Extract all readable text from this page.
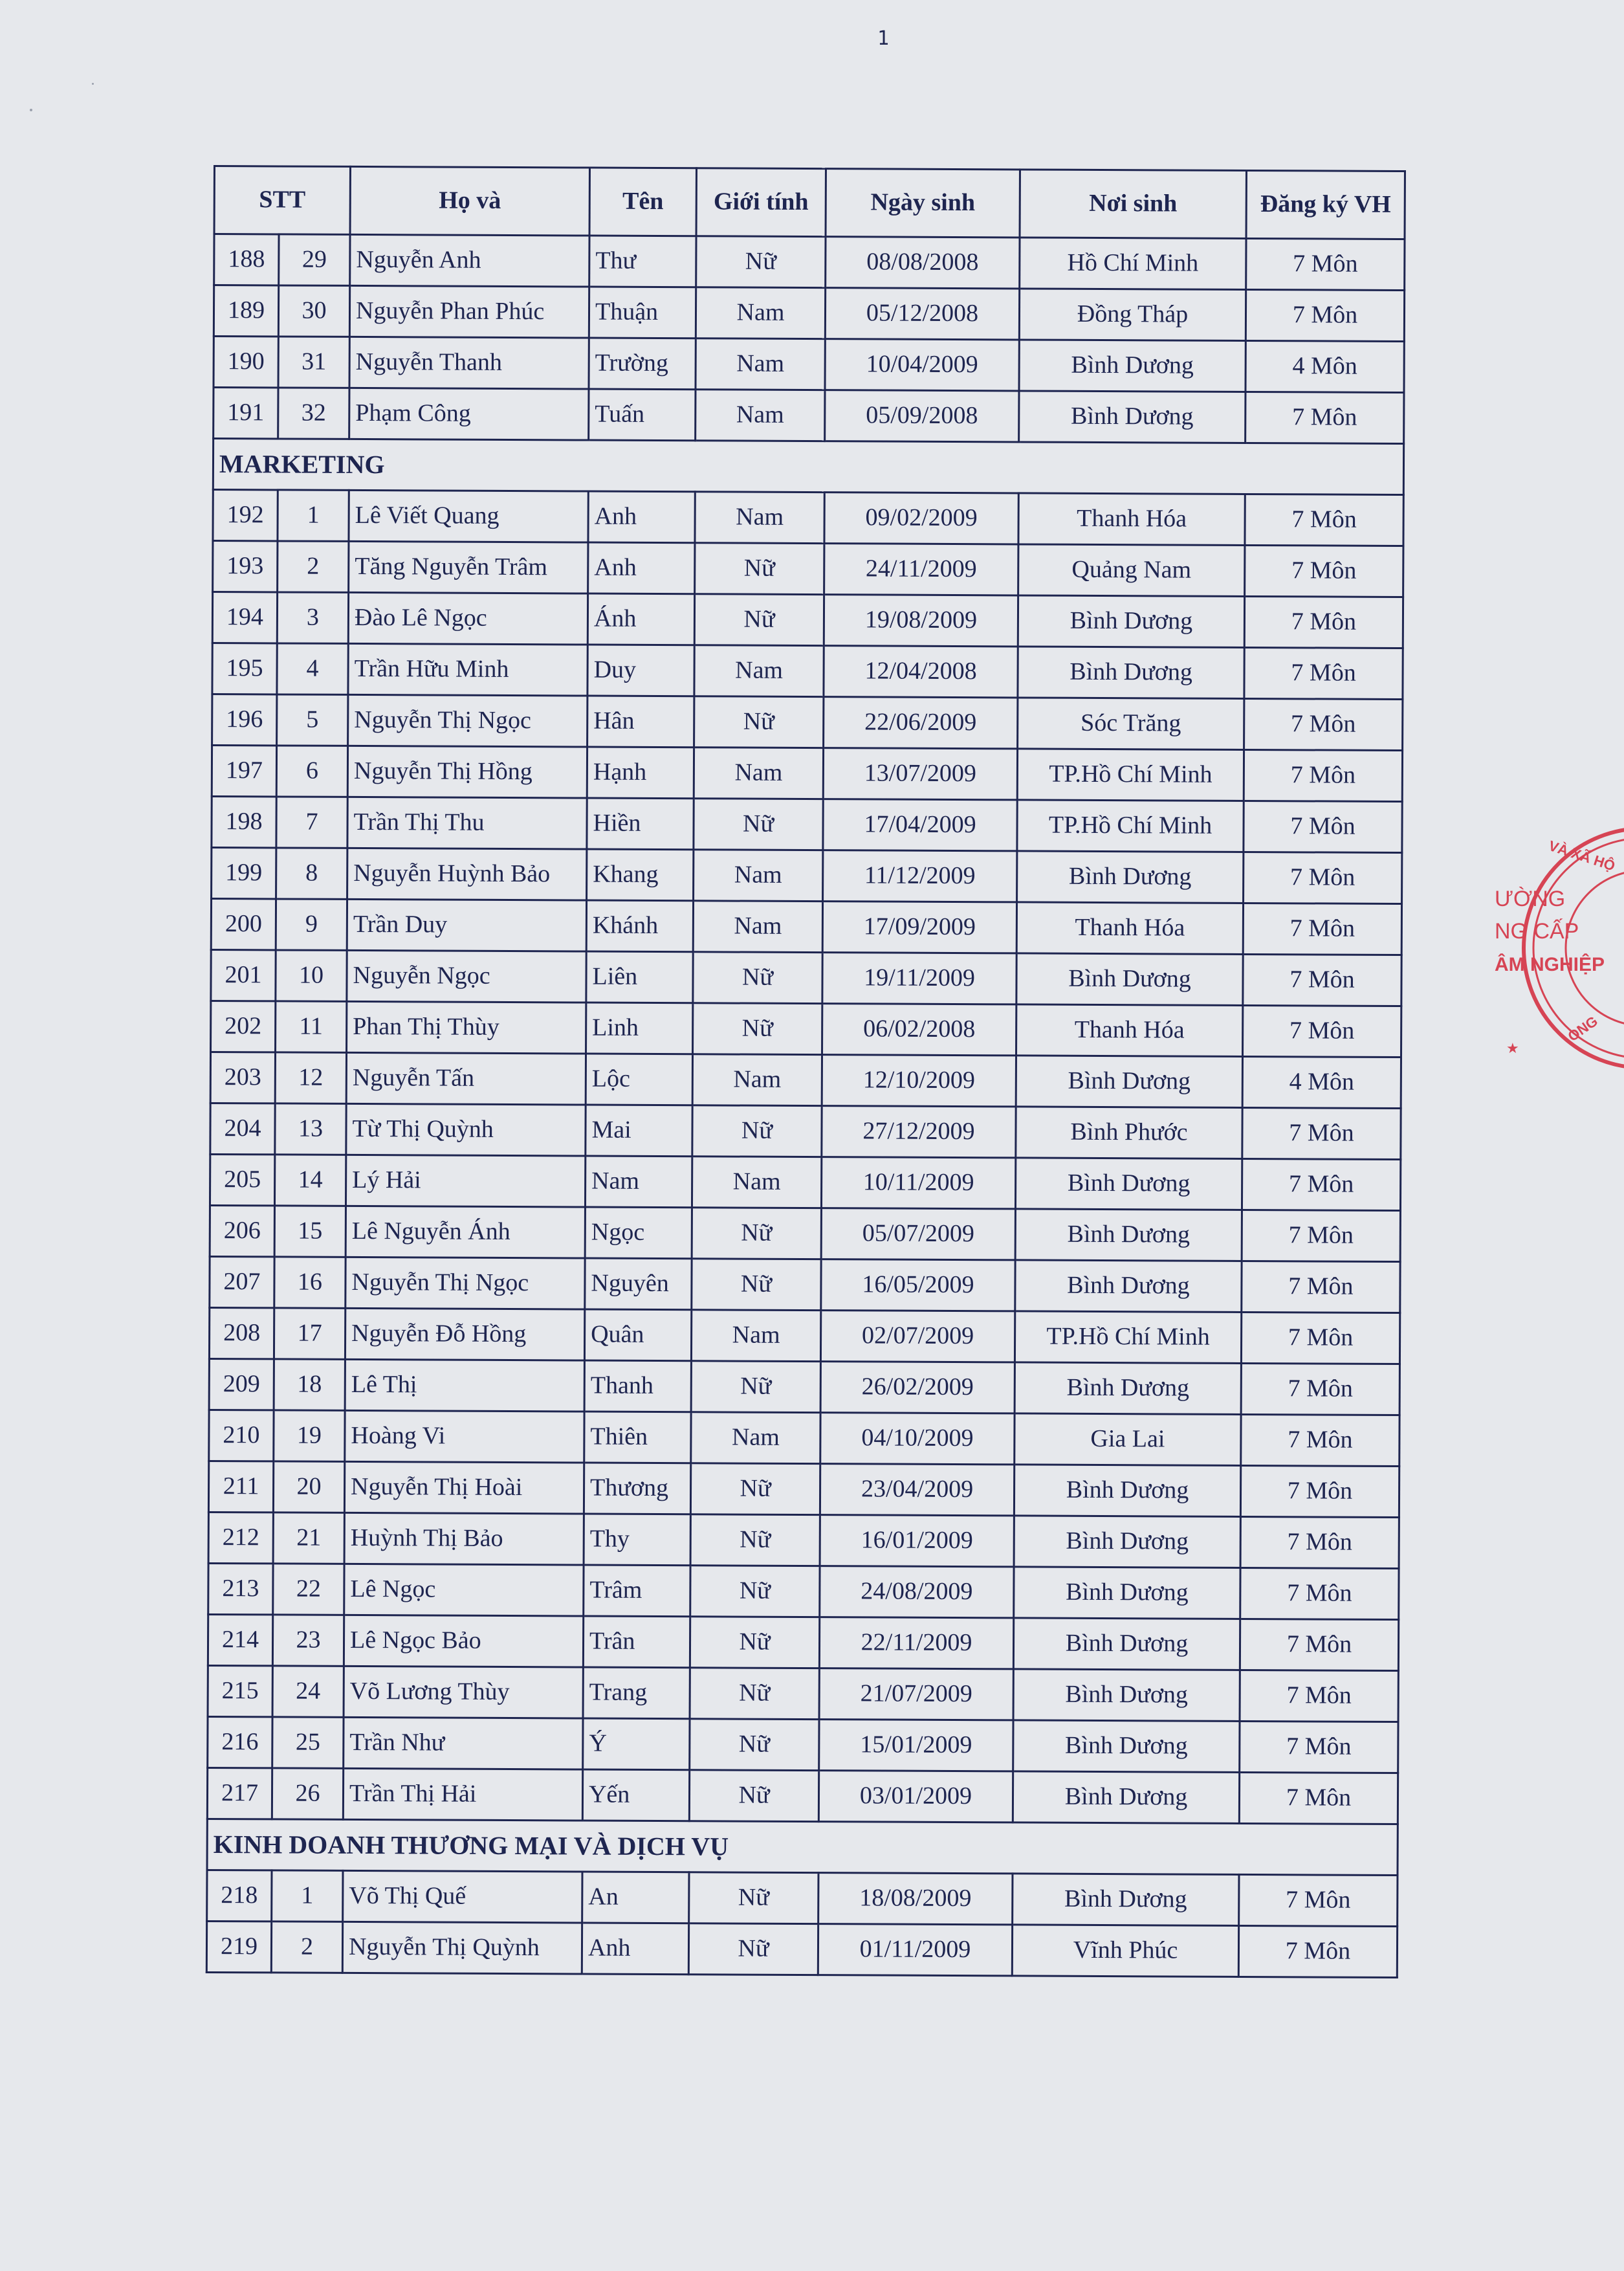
1
STT		Họ và	Tên	Giới tính	Ngày sinh	Nơi sinh	Đăng ký VH
188	29	Nguyễn Anh	Thư	Nữ	08/08/2008	Hồ Chí Minh	7 Môn
189	30	Nguyễn Phan Phúc	Thuận	Nam	05/12/2008	Đồng Tháp	7 Môn
190	31	Nguyễn Thanh	Trường	Nam	10/04/2009	Bình Dương	4 Môn
191	32	Phạm Công	Tuấn	Nam	05/09/2008	Bình Dương	7 Môn
MARKETING							
192	1	Lê Viết Quang	Anh	Nam	09/02/2009	Thanh Hóa	7 Môn
193	2	Tăng Nguyễn Trâm	Anh	Nữ	24/11/2009	Quảng Nam	7 Môn
194	3	Đào Lê Ngọc	Ánh	Nữ	19/08/2009	Bình Dương	7 Môn
195	4	Trần Hữu Minh	Duy	Nam	12/04/2008	Bình Dương	7 Môn
196	5	Nguyễn Thị Ngọc	Hân	Nữ	22/06/2009	Sóc Trăng	7 Môn
197	6	Nguyễn Thị Hồng	Hạnh	Nam	13/07/2009	TP.Hồ Chí Minh	7 Môn
198	7	Trần Thị Thu	Hiền	Nữ	17/04/2009	TP.Hồ Chí Minh	7 Môn
199	8	Nguyễn Huỳnh Bảo	Khang	Nam	11/12/2009	Bình Dương	7 Môn
200	9	Trần Duy	Khánh	Nam	17/09/2009	Thanh Hóa	7 Môn
201	10	Nguyễn Ngọc	Liên	Nữ	19/11/2009	Bình Dương	7 Môn
202	11	Phan Thị Thùy	Linh	Nữ	06/02/2008	Thanh Hóa	7 Môn
203	12	Nguyễn Tấn	Lộc	Nam	12/10/2009	Bình Dương	4 Môn
204	13	Từ Thị Quỳnh	Mai	Nữ	27/12/2009	Bình Phước	7 Môn
205	14	Lý Hải	Nam	Nam	10/11/2009	Bình Dương	7 Môn
206	15	Lê Nguyễn Ánh	Ngọc	Nữ	05/07/2009	Bình Dương	7 Môn
207	16	Nguyễn Thị Ngọc	Nguyên	Nữ	16/05/2009	Bình Dương	7 Môn
208	17	Nguyễn Đỗ Hồng	Quân	Nam	02/07/2009	TP.Hồ Chí Minh	7 Môn
209	18	Lê Thị	Thanh	Nữ	26/02/2009	Bình Dương	7 Môn
210	19	Hoàng Vi	Thiên	Nam	04/10/2009	Gia Lai	7 Môn
211	20	Nguyễn Thị Hoài	Thương	Nữ	23/04/2009	Bình Dương	7 Môn
212	21	Huỳnh Thị Bảo	Thy	Nữ	16/01/2009	Bình Dương	7 Môn
213	22	Lê Ngọc	Trâm	Nữ	24/08/2009	Bình Dương	7 Môn
214	23	Lê Ngọc Bảo	Trân	Nữ	22/11/2009	Bình Dương	7 Môn
215	24	Võ Lương Thùy	Trang	Nữ	21/07/2009	Bình Dương	7 Môn
216	25	Trần Như	Ý	Nữ	15/01/2009	Bình Dương	7 Môn
217	26	Trần Thị Hải	Yến	Nữ	03/01/2009	Bình Dương	7 Môn
KINH DOANH THƯƠNG MẠI VÀ DỊCH VỤ							
218	1	Võ Thị Quế	An	Nữ	18/08/2009	Bình Dương	7 Môn
219	2	Nguyễn Thị Quỳnh	Anh	Nữ	01/11/2009	Vĩnh Phúc	7 Môn
VÀ XÃ HỘ
ƯỜNG
NG CẤP
ÂM NGHIỆP
ONG
★
